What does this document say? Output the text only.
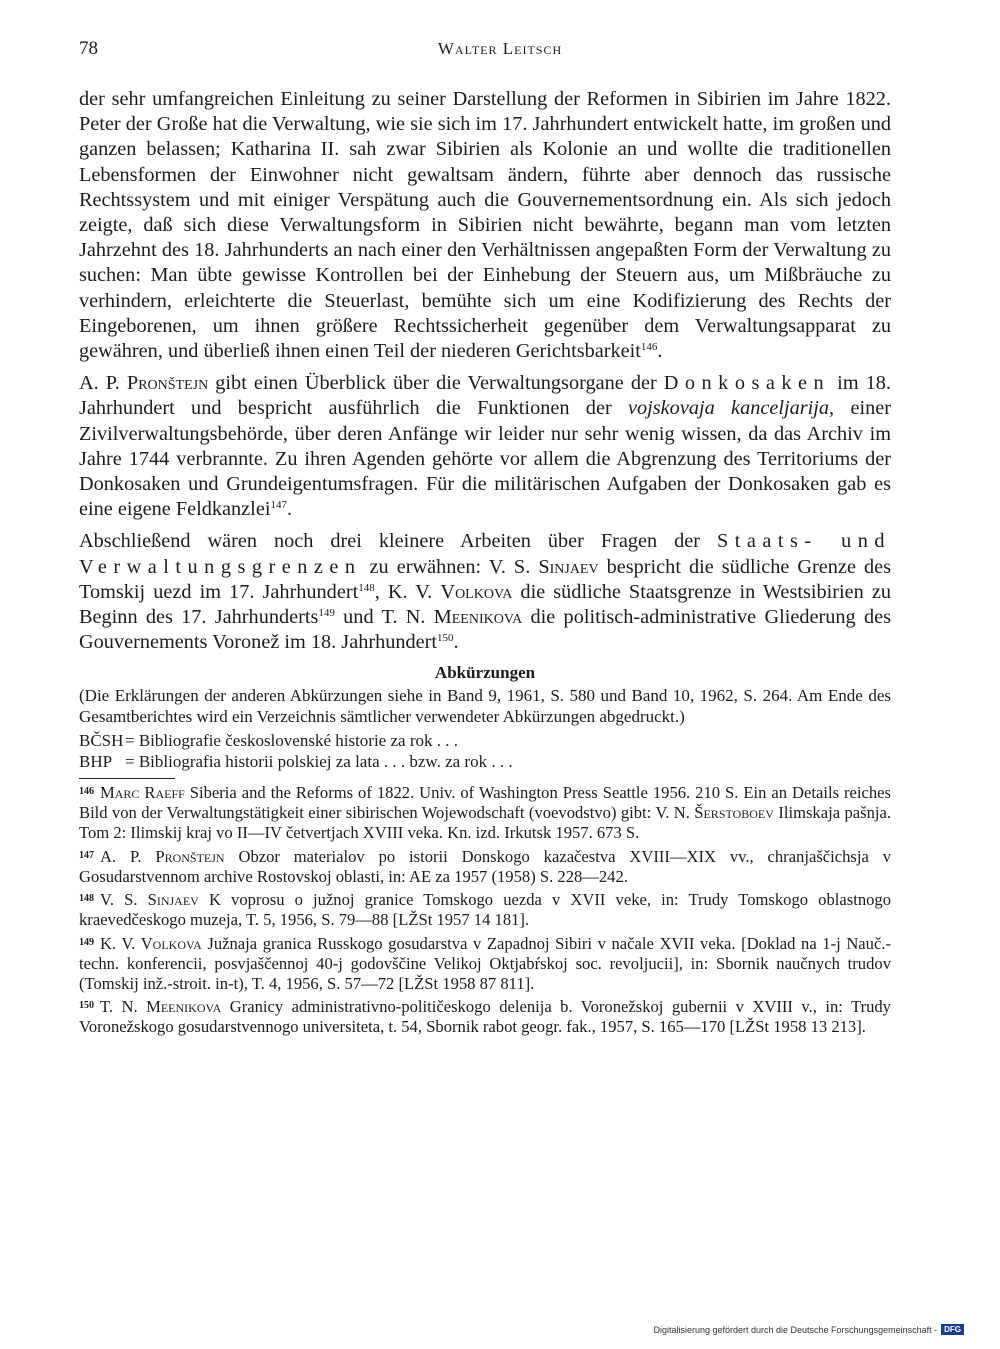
78	Walter Leitsch

der sehr umfangreichen Einleitung zu seiner Darstellung der Reformen in Sibirien im Jahre 1822. Peter der Große hat die Verwaltung, wie sie sich im 17. Jahrhundert entwickelt hatte, im großen und ganzen belassen; Katharina II. sah zwar Sibirien als Kolonie an und wollte die traditionellen Lebensformen der Einwohner nicht gewaltsam ändern, führte aber dennoch das russische Rechtssystem und mit einiger Verspätung auch die Gouvernementsordnung ein. Als sich jedoch zeigte, daß sich diese Verwaltungsform in Sibirien nicht bewährte, begann man vom letzten Jahrzehnt des 18. Jahrhunderts an nach einer den Verhältnissen angepaßten Form der Verwaltung zu suchen: Man übte gewisse Kontrollen bei der Einhebung der Steuern aus, um Mißbräuche zu verhindern, erleichterte die Steuerlast, bemühte sich um eine Kodifizierung des Rechts der Eingeborenen, um ihnen größere Rechtssicherheit gegenüber dem Verwaltungsapparat zu gewähren, und überließ ihnen einen Teil der niederen Gerichtsbarkeit$^{146}$.

A. P. Pronštejn gibt einen Überblick über die Verwaltungsorgane der Donkosaken im 18. Jahrhundert und bespricht ausführlich die Funktionen der vojskovaja kanceljarija, einer Zivilverwaltungsbehörde, über deren Anfänge wir leider nur sehr wenig wissen, da das Archiv im Jahre 1744 verbrannte. Zu ihren Agenden gehörte vor allem die Abgrenzung des Territoriums der Donkosaken und Grundeigentumsfragen. Für die militärischen Aufgaben der Donkosaken gab es eine eigene Feldkanzlei$^{147}$.

Abschließend wären noch drei kleinere Arbeiten über Fragen der Staats- und Verwaltungsgrenzen zu erwähnen: V. S. Sinjaev bespricht die südliche Grenze des Tomskij uezd im 17. Jahrhundert$^{148}$, K. V. Volkova die südliche Staatsgrenze in Westsibirien zu Beginn des 17. Jahrhunderts$^{149}$ und T. N. Meenikova die politisch-administrative Gliederung des Gouvernements Voronež im 18. Jahrhundert$^{150}$.

Abkürzungen
(Die Erklärungen der anderen Abkürzungen siehe in Band 9, 1961, S. 580 und Band 10, 1962, S. 264. Am Ende des Gesamtberichtes wird ein Verzeichnis sämtlicher verwendeter Abkürzungen abgedruckt.)
BČSH = Bibliografie československé historie za rok . . .
BHP = Bibliografia historii polskiej za lata . . . bzw. za rok . . .
$^{146}$ Marc Raeff Siberia and the Reforms of 1822. Univ. of Washington Press Seattle 1956. 210 S. Ein an Details reiches Bild von der Verwaltungstätigkeit einer sibirischen Wojewodschaft (voevodstvo) gibt: V. N. Šerstoboev Ilimskaja pašnja. Tom 2: Ilimskij kraj vo II—IV četvertjach XVIII veka. Kn. izd. Irkutsk 1957. 673 S.
$^{147}$ A. P. Pronštejn Obzor materialov po istorii Donskogo kazačestva XVIII—XIX vv., chranjaščichsja v Gosudarstvennom archive Rostovskoj oblasti, in: AE za 1957 (1958) S. 228—242.
$^{148}$ V. S. Sinjaev K voprosu o južnoj granice Tomskogo uezda v XVII veke, in: Trudy Tomskogo oblastnogo kraevedčeskogo muzeja, T. 5, 1956, S. 79—88 [LŽSt 1957 14 181].
$^{149}$ K. V. Volkova Južnaja granica Russkogo gosudarstva v Zapadnoj Sibiri v načale XVII veka. [Doklad na 1-j Nauč.-techn. konferencii, posvjaščennoj 40-j godovščine Velikoj Oktjabŕskoj soc. revoljucii], in: Sbornik naučnych trudov (Tomskij inž.-stroit. in-t), T. 4, 1956, S. 57—72 [LŽSt 1958 87 811].
$^{150}$ T. N. Meenikova Granicy administrativno-političeskogo delenija b. Voronežskoj gubernii v XVIII v., in: Trudy Voronežskogo gosudarstvennogo universiteta, t. 54, Sbornik rabot geogr. fak., 1957, S. 165—170 [LŽSt 1958 13 213].
Digitalisierung gefördert durch die Deutsche Forschungsgemeinschaft - DFG
